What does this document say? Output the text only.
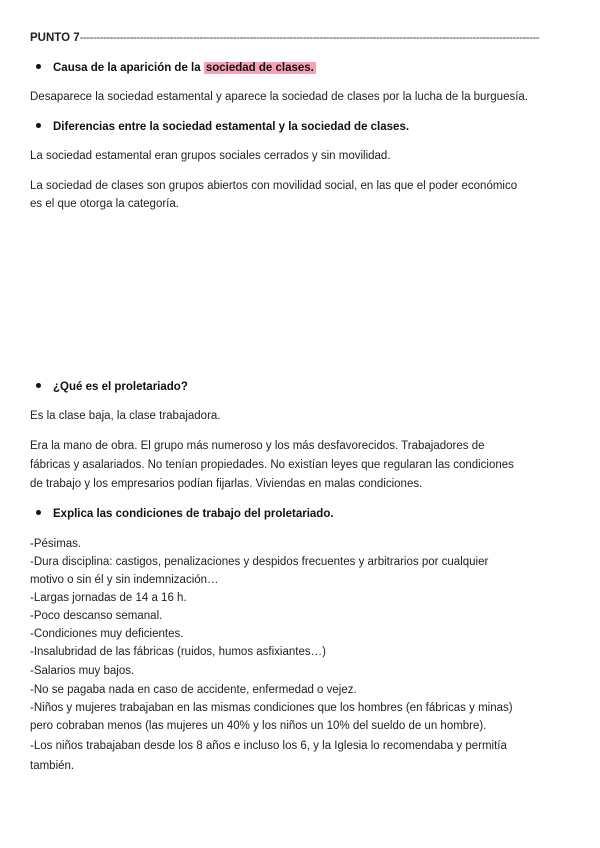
PUNTO 7------------------------------------------------------------------------------------------------------------------------------------------
Causa de la aparición de la sociedad de clases.
Desaparece la sociedad estamental y aparece la sociedad de clases por la lucha de la burguesía.
Diferencias entre la sociedad estamental y la sociedad de clases.
La sociedad estamental eran grupos sociales cerrados y sin movilidad.
La sociedad de clases son grupos abiertos con movilidad social, en las que el poder económico
es el que otorga la categoría.
¿Qué es el proletariado?
Es la clase baja, la clase trabajadora.
Era la mano de obra. El grupo más numeroso y los más desfavorecidos. Trabajadores de
fábricas y asalariados. No tenían propiedades. No existían leyes que regularan las condiciones
de trabajo y los empresarios podían fijarlas. Viviendas en malas condiciones.
Explica las condiciones de trabajo del proletariado.
-Pésimas.
-Dura disciplina: castigos, penalizaciones y despidos frecuentes y arbitrarios por cualquier
motivo o sin él y sin indemnización…
-Largas jornadas de 14 a 16 h.
-Poco descanso semanal.
-Condiciones muy deficientes.
-Insalubridad de las fábricas (ruidos, humos asfixiantes…)
-Salarios muy bajos.
-No se pagaba nada en caso de accidente, enfermedad o vejez.
-Niños y mujeres trabajaban en las mismas condiciones que los hombres (en fábricas y minas)
pero cobraban menos (las mujeres un 40% y los niños un 10% del sueldo de un hombre).
-Los niños trabajaban desde los 8 años e incluso los 6, y la Iglesia lo recomendaba y permitía
también.
